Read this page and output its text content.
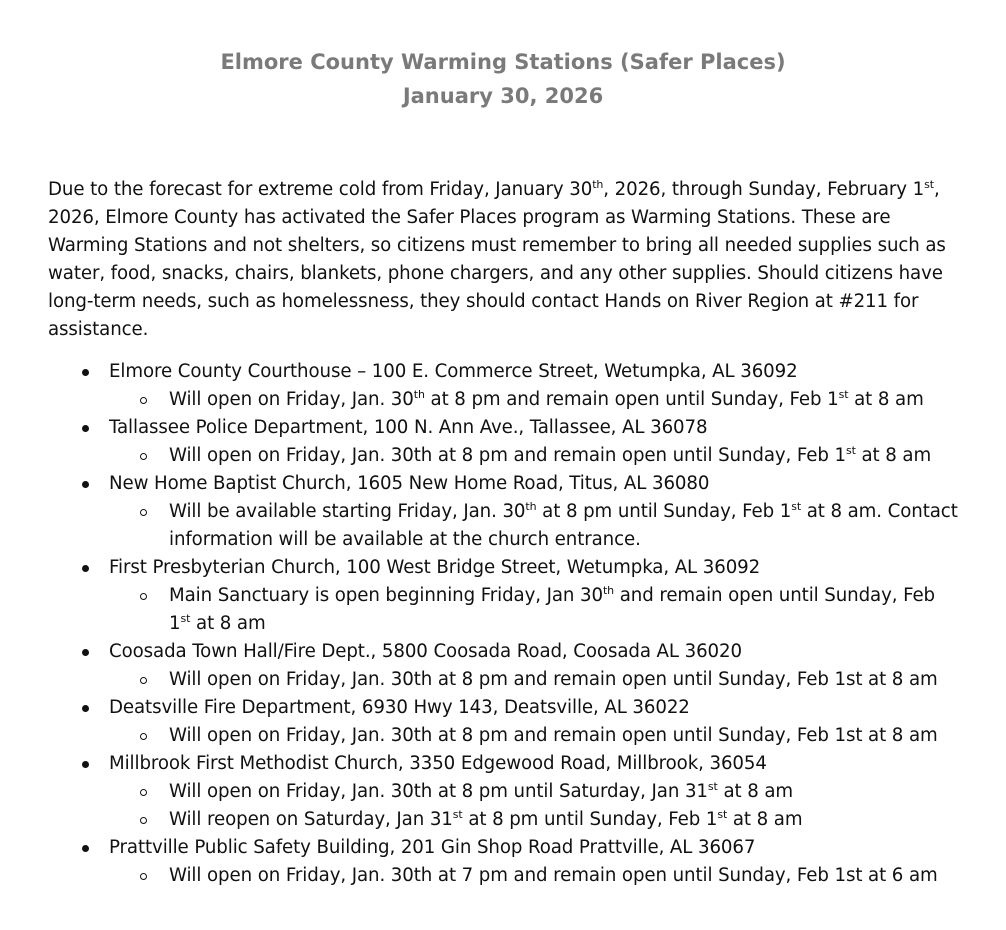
Elmore County Warming Stations (Safer Places)
January 30, 2026
Due to the forecast for extreme cold from Friday, January 30th, 2026, through Sunday, February 1st,
2026, Elmore County has activated the Safer Places program as Warming Stations. These are
Warming Stations and not shelters, so citizens must remember to bring all needed supplies such as
water, food, snacks, chairs, blankets, phone chargers, and any other supplies. Should citizens have
long-term needs, such as homelessness, they should contact Hands on River Region at #211 for
assistance.
Elmore County Courthouse – 100 E. Commerce Street, Wetumpka, AL 36092
Will open on Friday, Jan. 30th at 8 pm and remain open until Sunday, Feb 1st at 8 am
Tallassee Police Department, 100 N. Ann Ave., Tallassee, AL 36078
Will open on Friday, Jan. 30th at 8 pm and remain open until Sunday, Feb 1st at 8 am
New Home Baptist Church, 1605 New Home Road, Titus, AL 36080
Will be available starting Friday, Jan. 30th at 8 pm until Sunday, Feb 1st at 8 am. Contact
information will be available at the church entrance.
First Presbyterian Church, 100 West Bridge Street, Wetumpka, AL 36092
Main Sanctuary is open beginning Friday, Jan 30th and remain open until Sunday, Feb
1st at 8 am
Coosada Town Hall/Fire Dept., 5800 Coosada Road, Coosada AL 36020
Will open on Friday, Jan. 30th at 8 pm and remain open until Sunday, Feb 1st at 8 am
Deatsville Fire Department, 6930 Hwy 143, Deatsville, AL 36022
Will open on Friday, Jan. 30th at 8 pm and remain open until Sunday, Feb 1st at 8 am
Millbrook First Methodist Church, 3350 Edgewood Road, Millbrook, 36054
Will open on Friday, Jan. 30th at 8 pm until Saturday, Jan 31st at 8 am
Will reopen on Saturday, Jan 31st at 8 pm until Sunday, Feb 1st at 8 am
Prattville Public Safety Building, 201 Gin Shop Road Prattville, AL 36067
Will open on Friday, Jan. 30th at 7 pm and remain open until Sunday, Feb 1st at 6 am
